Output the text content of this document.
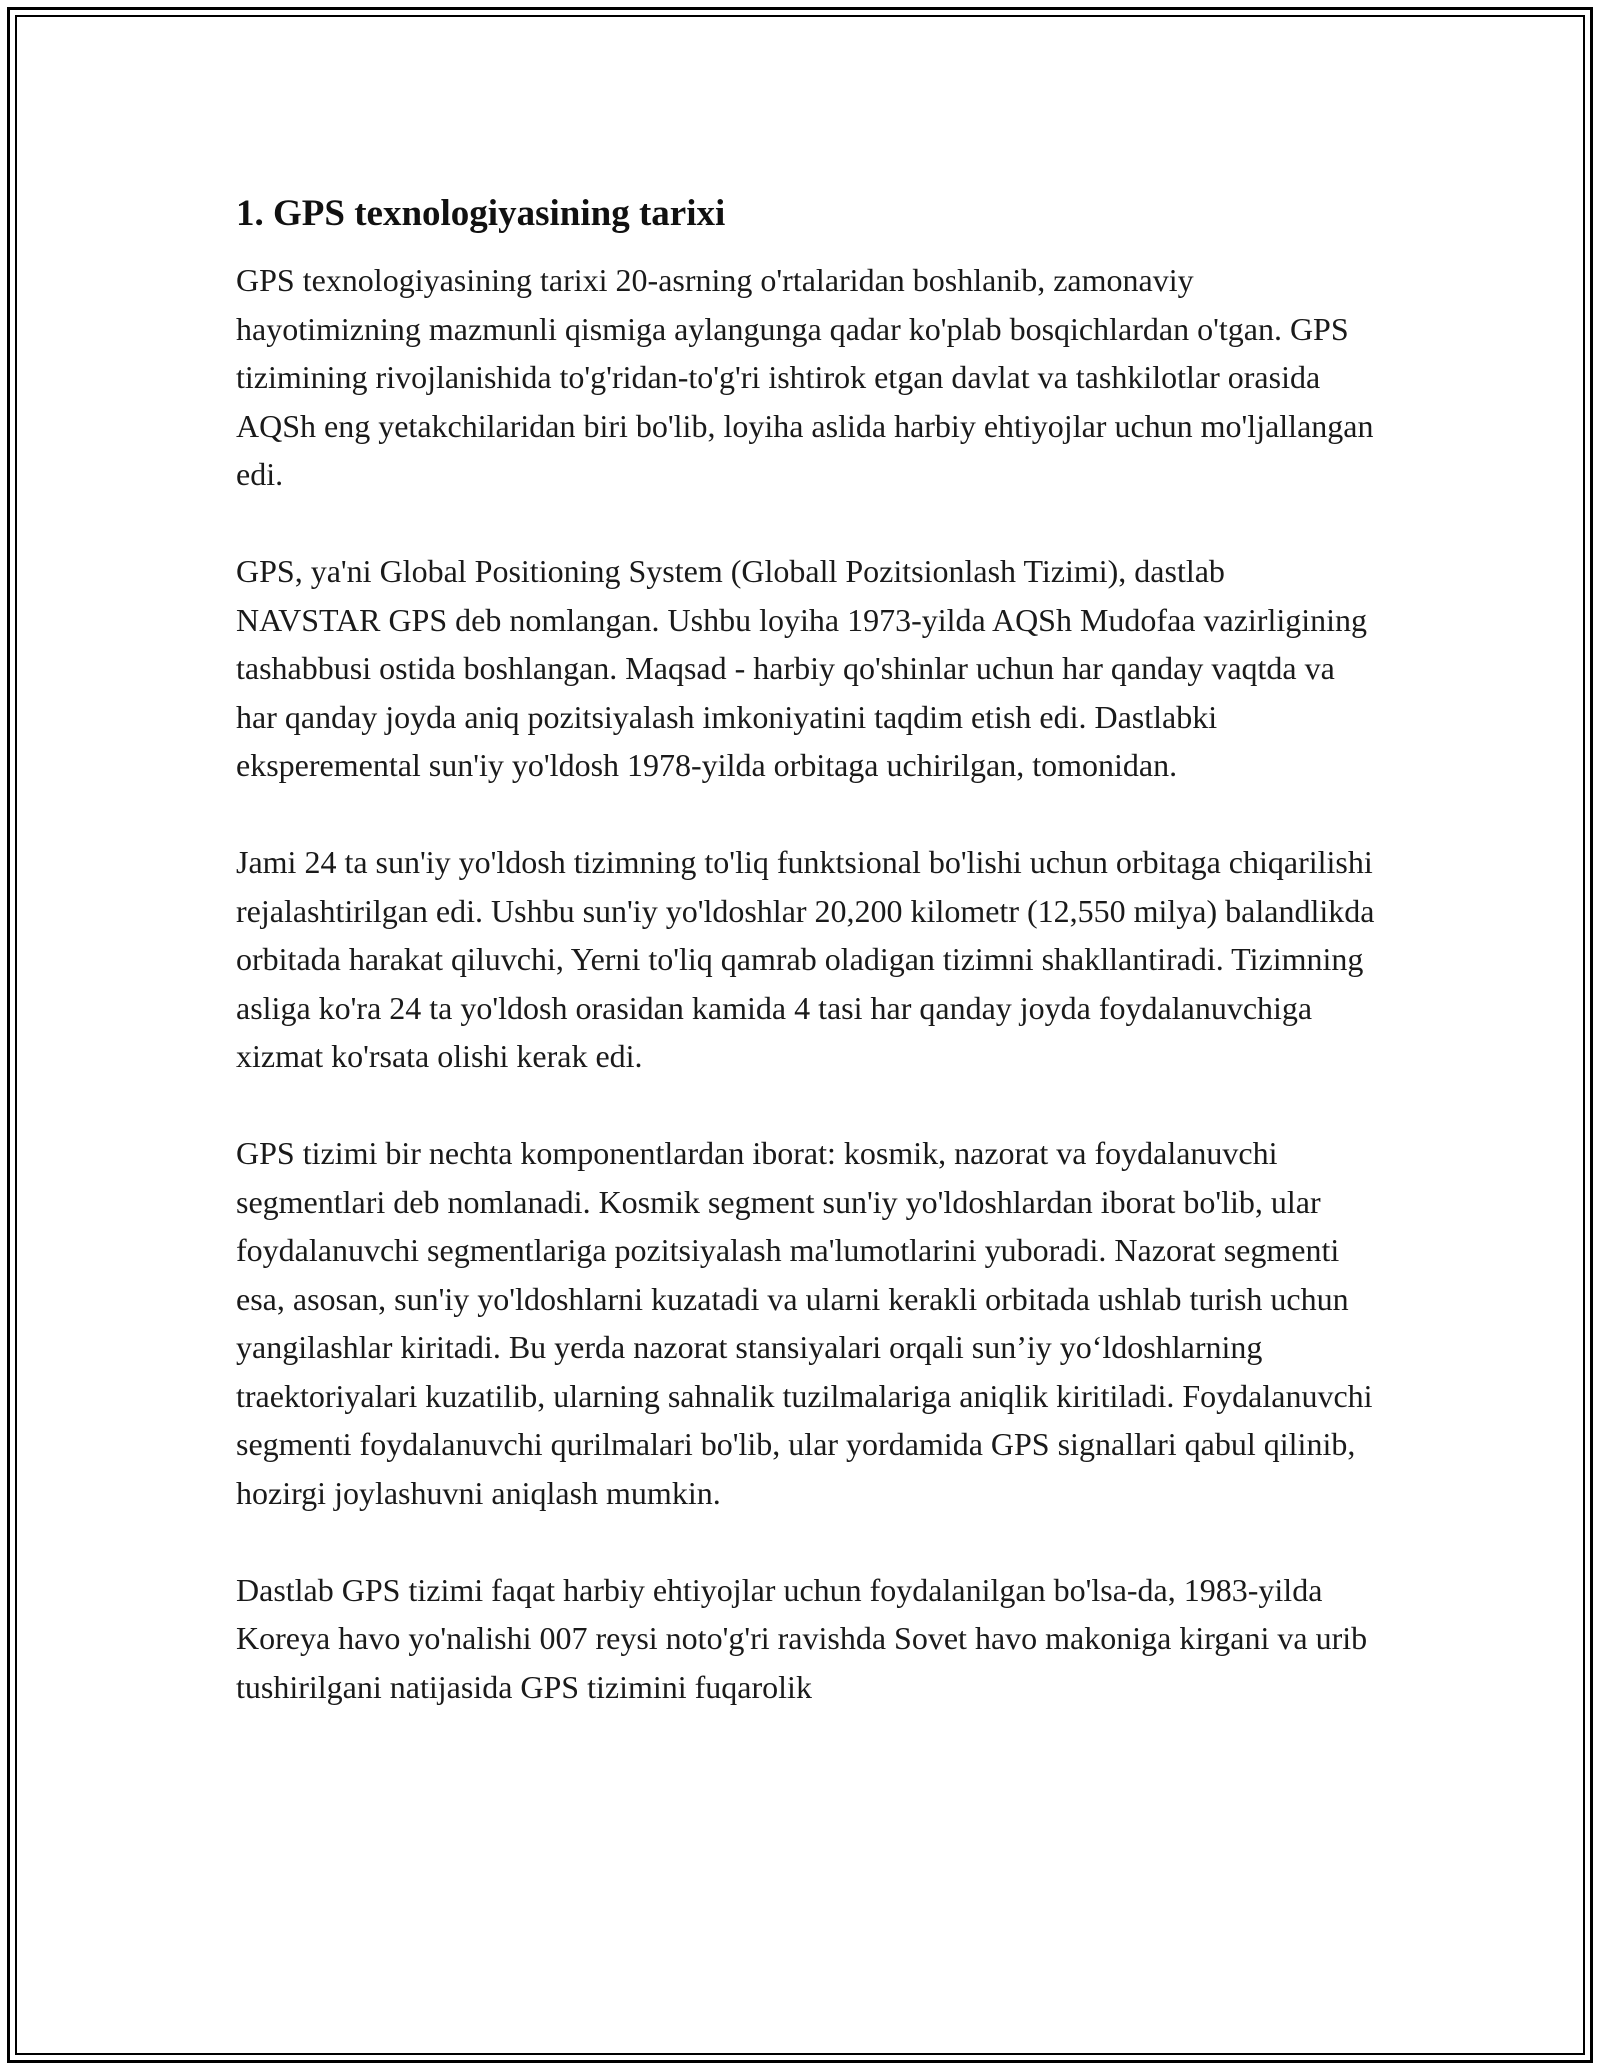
1. GPS texnologiyasining tarixi

GPS texnologiyasining tarixi 20-asrning o'rtalaridan boshlanib, zamonaviy hayotimizning mazmunli qismiga aylangunga qadar ko'plab bosqichlardan o'tgan. GPS tizimining rivojlanishida to'g'ridan-to'g'ri ishtirok etgan davlat va tashkilotlar orasida AQSh eng yetakchilaridan biri bo'lib, loyiha aslida harbiy ehtiyojlar uchun mo'ljallangan edi.

GPS, ya'ni Global Positioning System (Globall Pozitsionlash Tizimi), dastlab NAVSTAR GPS deb nomlangan. Ushbu loyiha 1973-yilda AQSh Mudofaa vazirligining tashabbusi ostida boshlangan. Maqsad - harbiy qo'shinlar uchun har qanday vaqtda va har qanday joyda aniq pozitsiyalash imkoniyatini taqdim etish edi. Dastlabki eksperemental sun'iy yo'ldosh 1978-yilda orbitaga uchirilgan, tomonidan.

Jami 24 ta sun'iy yo'ldosh tizimning to'liq funktsional bo'lishi uchun orbitaga chiqarilishi rejalashtirilgan edi. Ushbu sun'iy yo'ldoshlar 20,200 kilometr (12,550 milya) balandlikda orbitada harakat qiluvchi, Yerni to'liq qamrab oladigan tizimni shakllantiradi. Tizimning asliga ko'ra 24 ta yo'ldosh orasidan kamida 4 tasi har qanday joyda foydalanuvchiga xizmat ko'rsata olishi kerak edi.

GPS tizimi bir nechta komponentlardan iborat: kosmik, nazorat va foydalanuvchi segmentlari deb nomlanadi. Kosmik segment sun'iy yo'ldoshlardan iborat bo'lib, ular foydalanuvchi segmentlariga pozitsiyalash ma'lumotlarini yuboradi. Nazorat segmenti esa, asosan, sun'iy yo'ldoshlarni kuzatadi va ularni kerakli orbitada ushlab turish uchun yangilashlar kiritadi. Bu yerda nazorat stansiyalari orqali sun’iy yo‘ldoshlarning traektoriyalari kuzatilib, ularning sahnalik tuzilmalariga aniqlik kiritiladi. Foydalanuvchi segmenti foydalanuvchi qurilmalari bo'lib, ular yordamida GPS signallari qabul qilinib, hozirgi joylashuvni aniqlash mumkin.

Dastlab GPS tizimi faqat harbiy ehtiyojlar uchun foydalanilgan bo'lsa-da, 1983-yilda Koreya havo yo'nalishi 007 reysi noto'g'ri ravishda Sovet havo makoniga kirgani va urib tushirilgani natijasida GPS tizimini fuqarolik
